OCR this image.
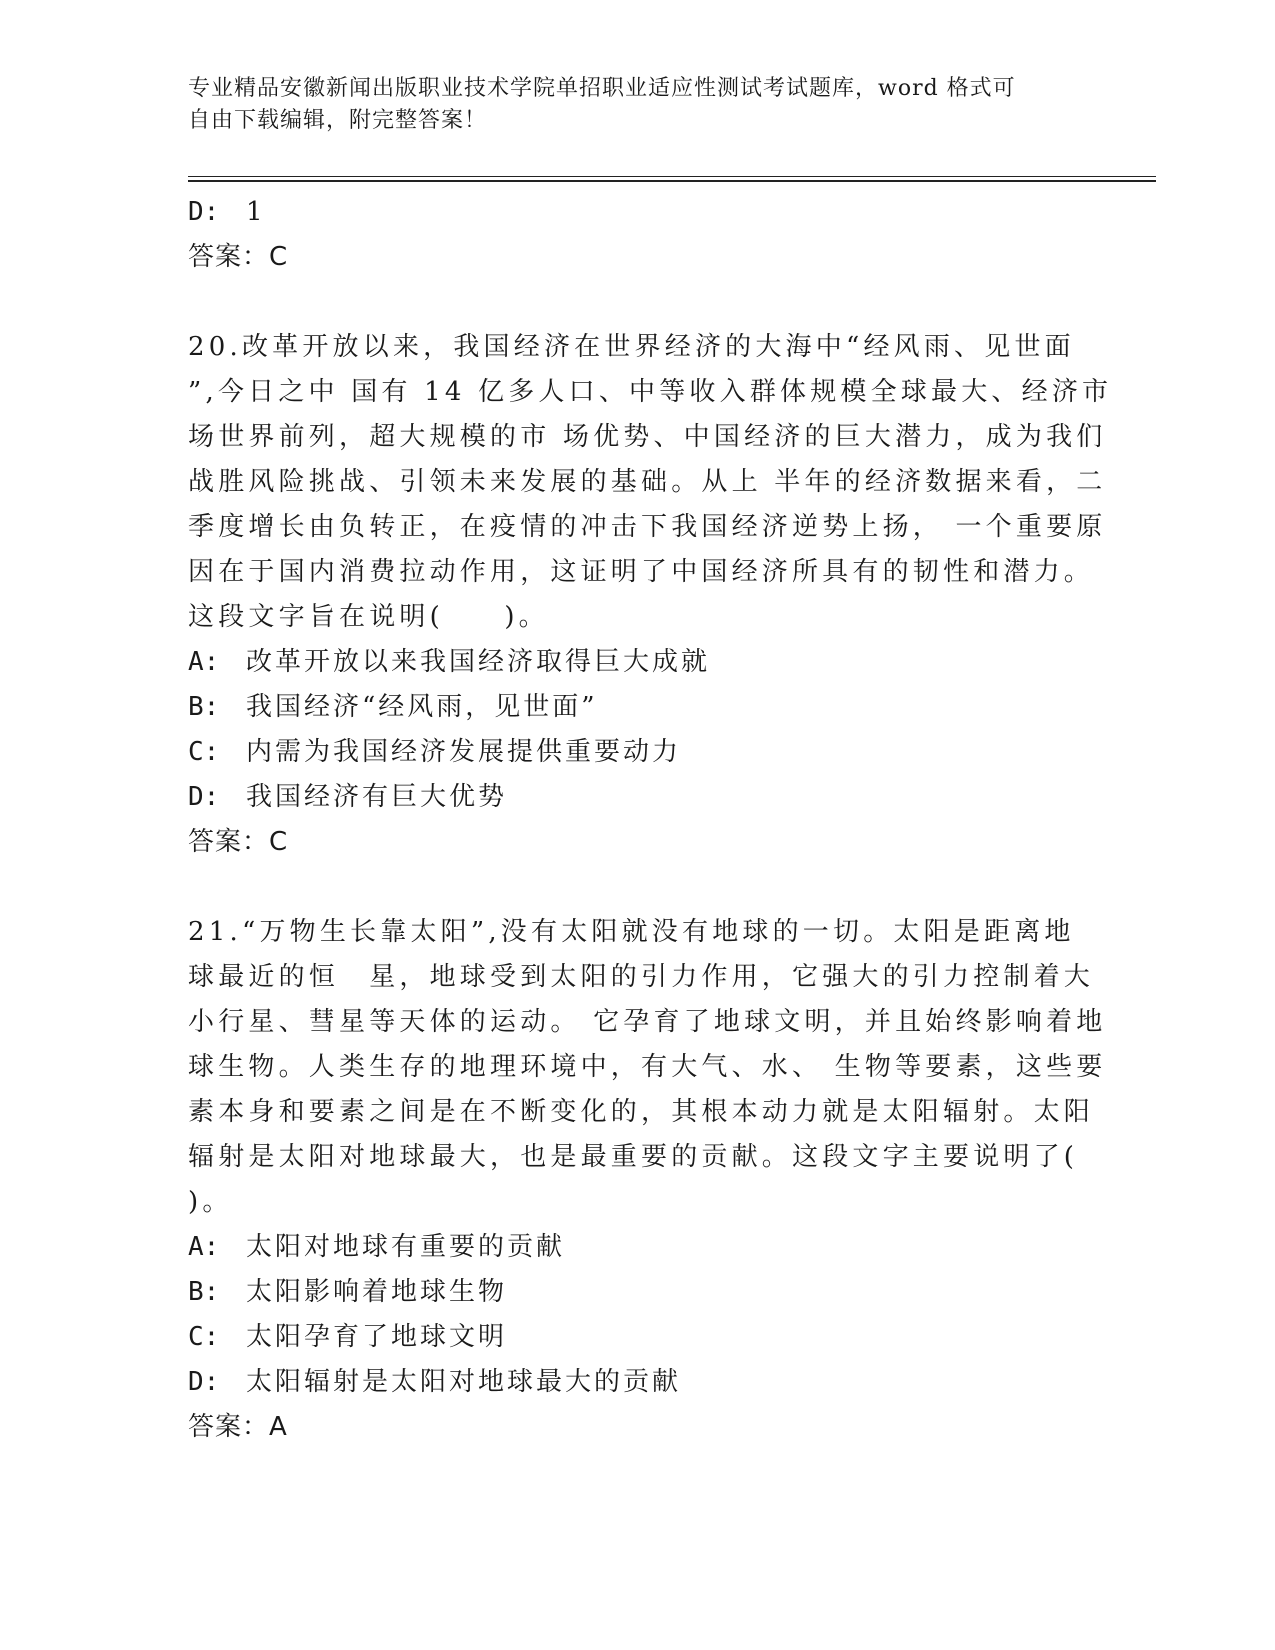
专业精品安徽新闻出版职业技术学院单招职业适应性测试考试题库，word 格式可
自由下载编辑，附完整答案！
D: 1
答案：C
20.改革开放以来，我国经济在世界经济的大海中“经风雨、见世面
”,今日之中 国有 14 亿多人口、中等收入群体规模全球最大、经济市
场世界前列，超大规模的市 场优势、中国经济的巨大潜力，成为我们
战胜风险挑战、引领未来发展的基础。从上 半年的经济数据来看，二
季度增长由负转正，在疫情的冲击下我国经济逆势上扬， 一个重要原
因在于国内消费拉动作用，这证明了中国经济所具有的韧性和潜力。
这段文字旨在说明(　　)。
A: 改革开放以来我国经济取得巨大成就
B: 我国经济“经风雨，见世面”
C: 内需为我国经济发展提供重要动力
D: 我国经济有巨大优势
答案：C
21.“万物生长靠太阳”,没有太阳就没有地球的一切。太阳是距离地
球最近的恒　星，地球受到太阳的引力作用，它强大的引力控制着大
小行星、彗星等天体的运动。 它孕育了地球文明，并且始终影响着地
球生物。人类生存的地理环境中，有大气、水、 生物等要素，这些要
素本身和要素之间是在不断变化的，其根本动力就是太阳辐射。太阳
辐射是太阳对地球最大，也是最重要的贡献。这段文字主要说明了(
)。
A: 太阳对地球有重要的贡献
B: 太阳影响着地球生物
C: 太阳孕育了地球文明
D: 太阳辐射是太阳对地球最大的贡献
答案：A
